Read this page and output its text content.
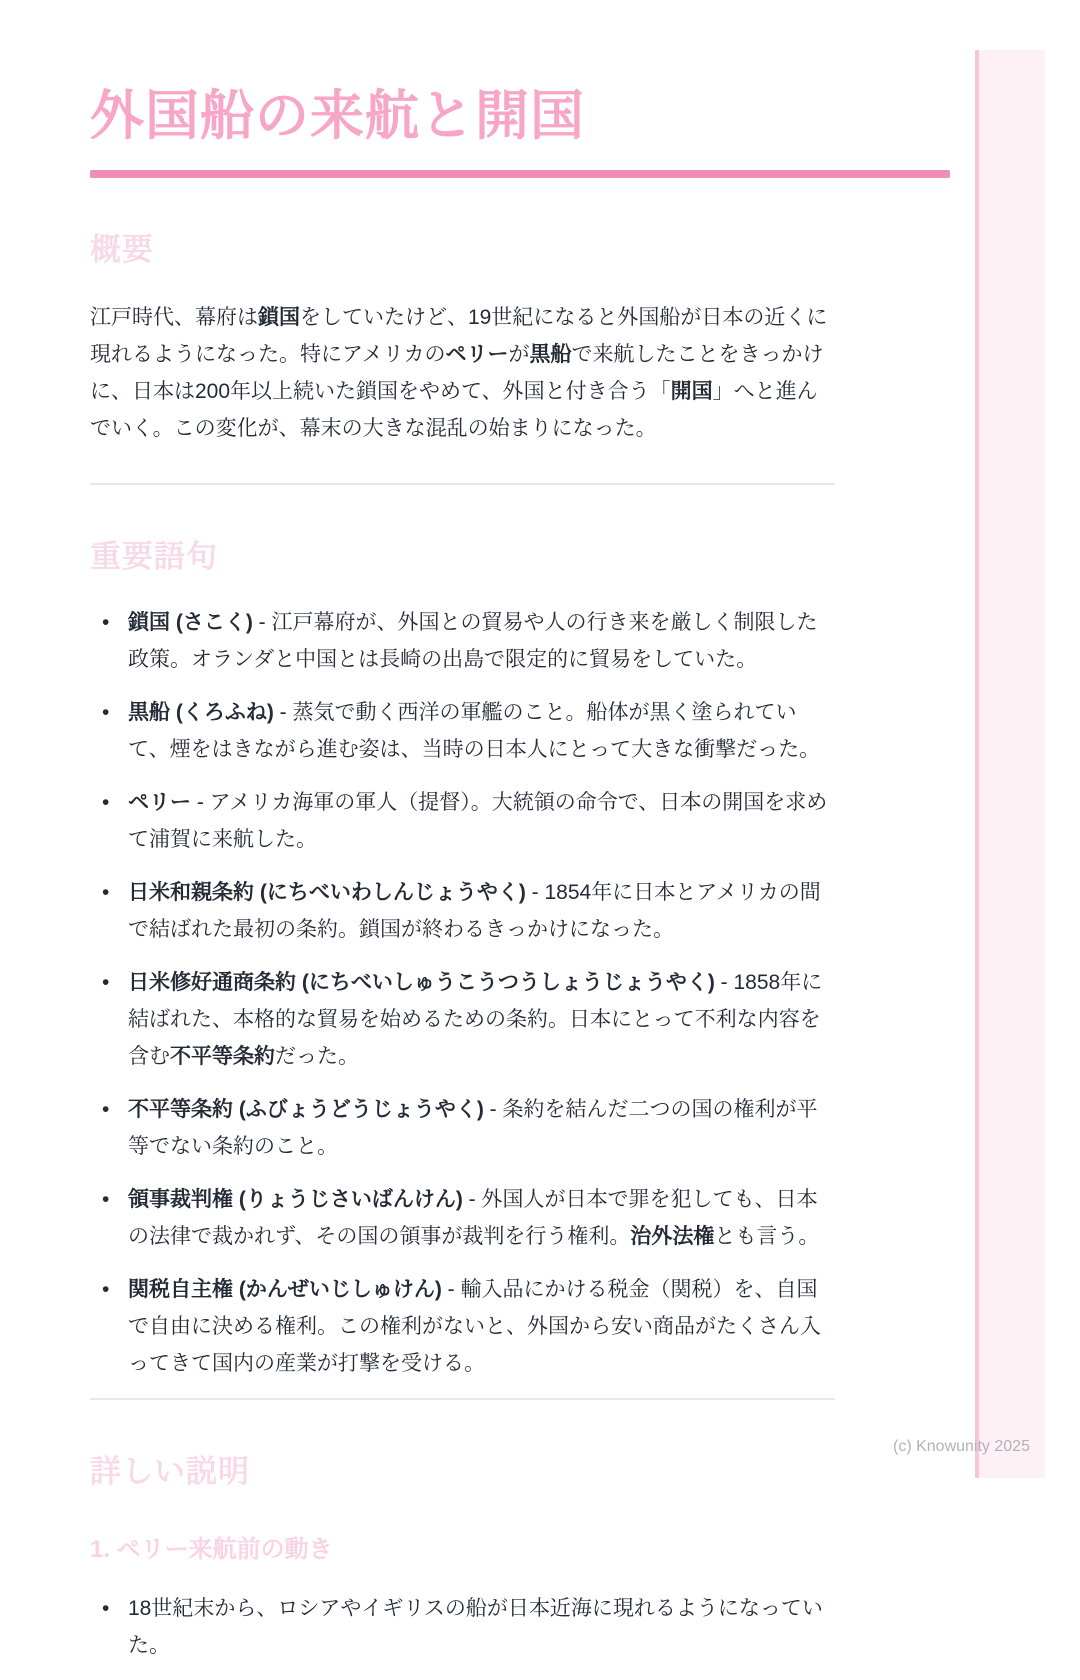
外国船の来航と開国
概要

江戸時代、幕府は鎖国をしていたけど、19世紀になると外国船が日本の近くに現れるようになった。特にアメリカのペリーが黒船で来航したことをきっかけに、日本は200年以上続いた鎖国をやめて、外国と付き合う「開国」へと進んでいく。この変化が、幕末の大きな混乱の始まりになった。

重要語句
• 鎖国 (さこく) - 江戸幕府が、外国との貿易や人の行き来を厳しく制限した政策。オランダと中国とは長崎の出島で限定的に貿易をしていた。
• 黒船 (くろふね) - 蒸気で動く西洋の軍艦のこと。船体が黒く塗られていて、煙をはきながら進む姿は、当時の日本人にとって大きな衝撃だった。
• ペリー - アメリカ海軍の軍人（提督）。大統領の命令で、日本の開国を求めて浦賀に来航した。
• 日米和親条約 (にちべいわしんじょうやく) - 1854年に日本とアメリカの間で結ばれた最初の条約。鎖国が終わるきっかけになった。
• 日米修好通商条約 (にちべいしゅうこうつうしょうじょうやく) - 1858年に結ばれた、本格的な貿易を始めるための条約。日本にとって不利な内容を含む不平等条約だった。
• 不平等条約 (ふびょうどうじょうやく) - 条約を結んだ二つの国の権利が平等でない条約のこと。
• 領事裁判権 (りょうじさいばんけん) - 外国人が日本で罪を犯しても、日本の法律で裁かれず、その国の領事が裁判を行う権利。治外法権とも言う。
• 関税自主権 (かんぜいじしゅけん) - 輸入品にかける税金（関税）を、自国で自由に決める権利。この権利がないと、外国から安い商品がたくさん入ってきて国内の産業が打撃を受ける。
詳しい説明
1. ペリー来航前の動き
• 18世紀末から、ロシアやイギリスの船が日本近海に現れるようになっていた。
(c) Knowunity 2025
